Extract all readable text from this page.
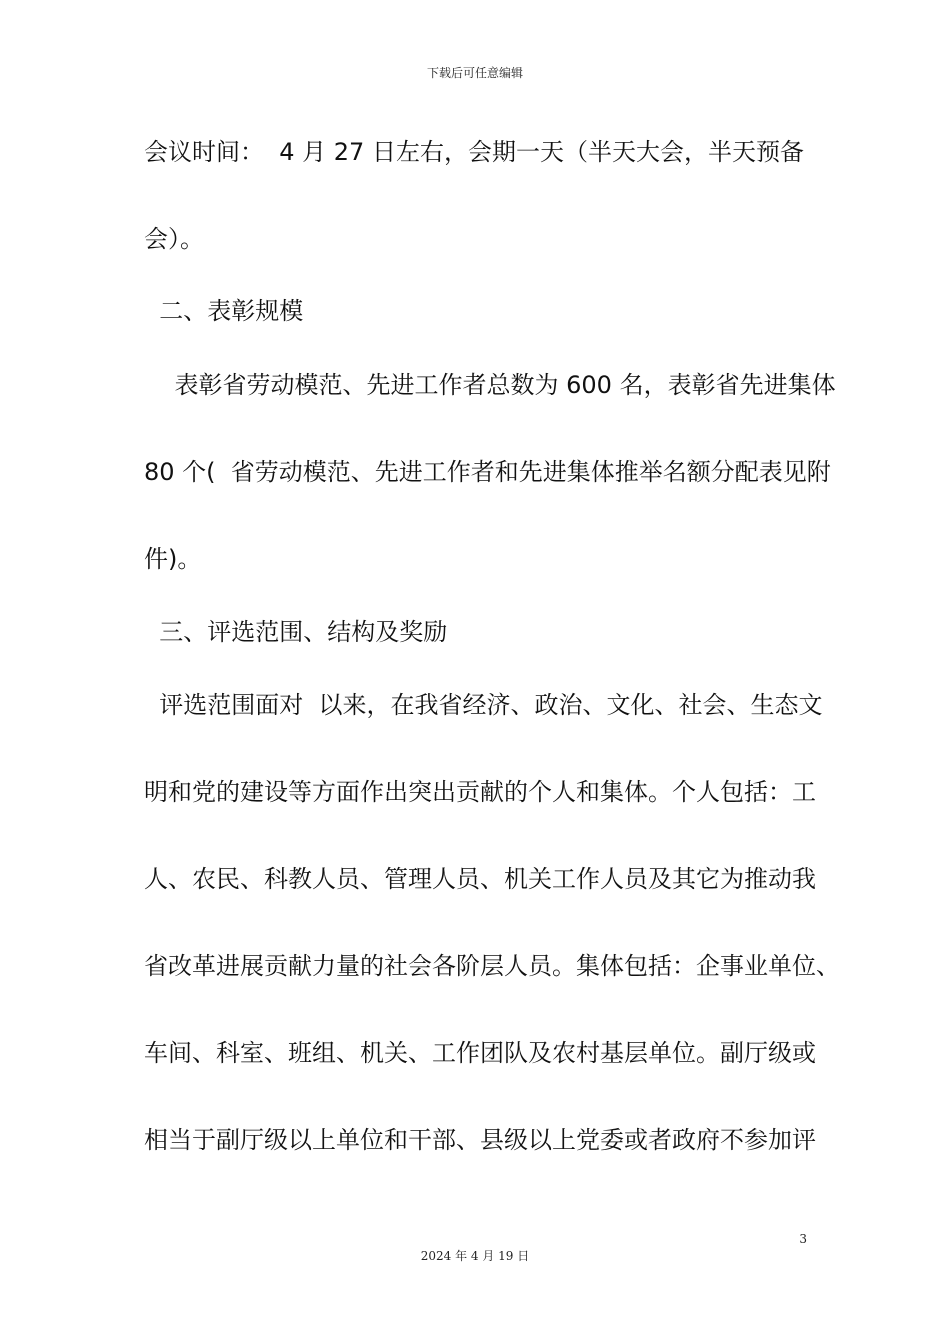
下载后可任意编辑
会议时间：  4 月 27 日左右，会期一天（半天大会，半天预备
会）。
二、表彰规模
表彰省劳动模范、先进工作者总数为 600 名，表彰省先进集体
80 个(  省劳动模范、先进工作者和先进集体推举名额分配表见附
件)。
三、评选范围、结构及奖励
评选范围面对  以来，在我省经济、政治、文化、社会、生态文
明和党的建设等方面作出突出贡献的个人和集体。个人包括：工
人、农民、科教人员、管理人员、机关工作人员及其它为推动我
省改革进展贡献力量的社会各阶层人员。集体包括：企事业单位、
车间、科室、班组、机关、工作团队及农村基层单位。副厅级或
相当于副厅级以上单位和干部、县级以上党委或者政府不参加评
3
2024 年 4 月 19 日
